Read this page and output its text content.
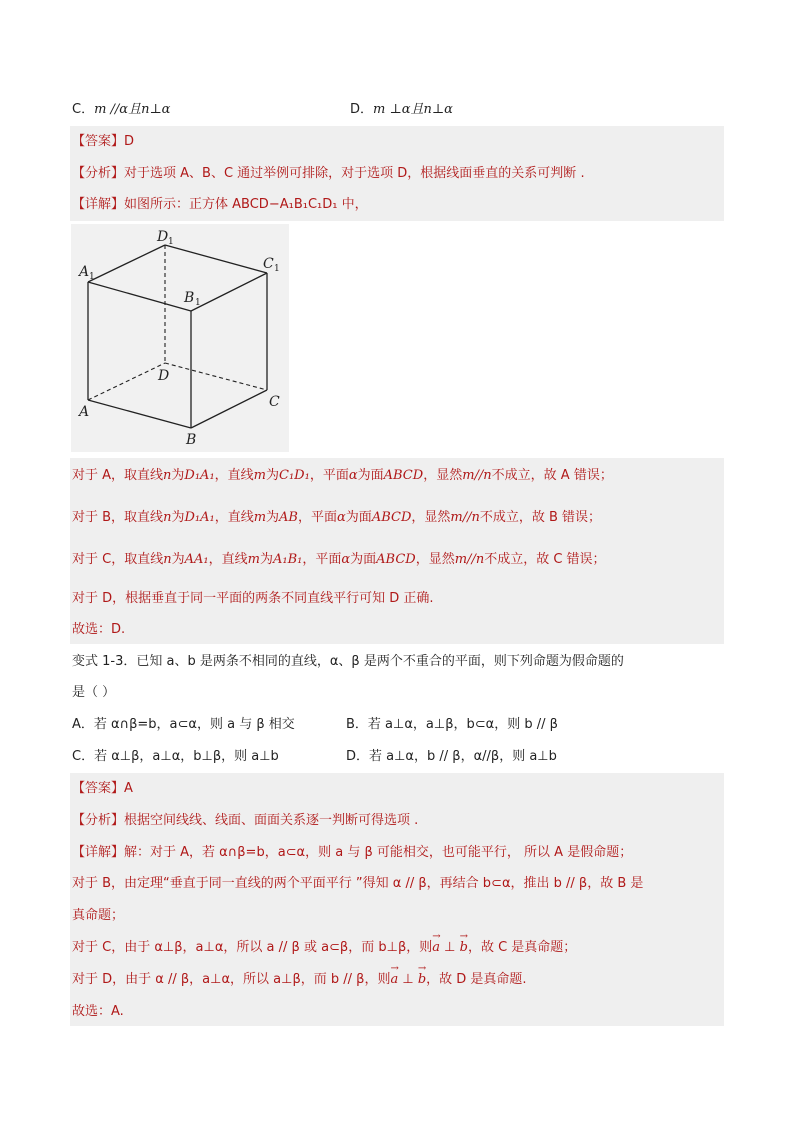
C．m //α且n⊥α	D．m ⊥α且n⊥α
【答案】D
【分析】对于选项 A、B、C 通过举例可排除，对于选项 D，根据线面垂直的关系可判断 .
【详解】如图所示：正方体 ABCD−A₁B₁C₁D₁ 中，
D 1
A 1
C 1
B 1
D
A
C
B
对于 A，取直线n为D₁A₁，直线m为C₁D₁，平面α为面ABCD，显然m//n不成立，故 A 错误；
对于 B，取直线n为D₁A₁，直线m为AB，平面α为面ABCD，显然m//n不成立，故 B 错误；
对于 C，取直线n为AA₁，直线m为A₁B₁，平面α为面ABCD，显然m//n不成立，故 C 错误；
对于 D，根据垂直于同一平面的两条不同直线平行可知 D 正确.
故选：D.
变式 1-3．已知 a、b 是两条不相同的直线，α、β 是两个不重合的平面，则下列命题为假命题的
是（ ）
A．若 α∩β=b，a⊂α，则 a 与 β 相交	B．若 a⊥α，a⊥β，b⊂α，则 b // β
C．若 α⊥β，a⊥α，b⊥β，则 a⊥b	D．若 a⊥α，b // β，α//β，则 a⊥b
【答案】A
【分析】根据空间线线、线面、面面关系逐一判断可得选项 .
【详解】解：对于 A，若 α∩β=b，a⊂α，则 a 与 β 可能相交，也可能平行， 所以 A 是假命题；
对于 B，由定理“垂直于同一直线的两个平面平行 ”得知 α // β，再结合 b⊂α，推出 b // β，故 B 是
真命题；
对于 C，由于 α⊥β，a⊥α，所以 a // β 或 a⊂β，而 b⊥β，则→ a ⊥ → b，故 C 是真命题；
对于 D，由于 α // β，a⊥α，所以 a⊥β，而 b // β，则→ a ⊥ → b，故 D 是真命题.
故选：A.
